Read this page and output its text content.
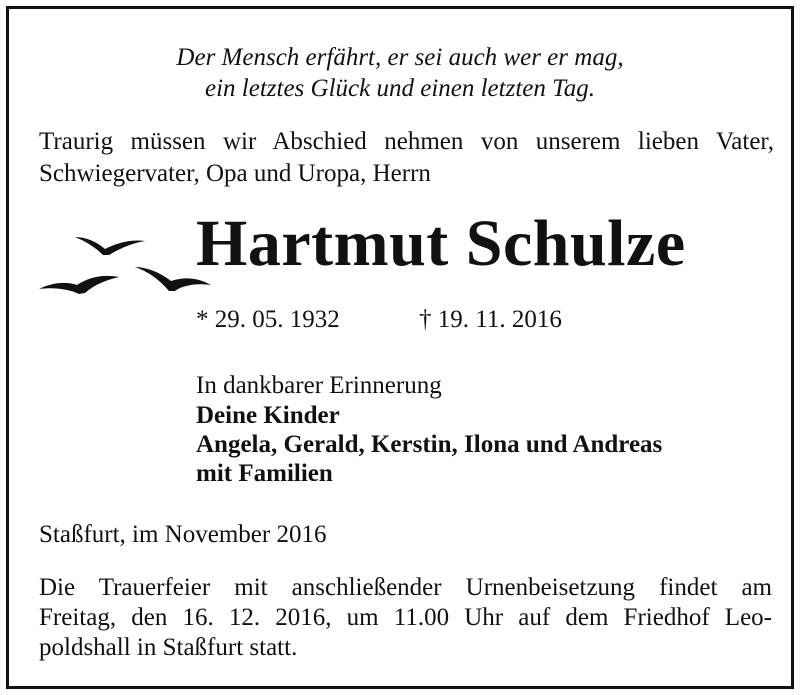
Der Mensch erfährt, er sei auch wer er mag,
ein letztes Glück und einen letzten Tag.
Traurig müssen wir Abschied nehmen von unserem lieben Vater,
Schwiegervater, Opa und Uropa, Herrn
Hartmut Schulze
* 29. 05. 1932	† 19. 11. 2016
In dankbarer Erinnerung
Deine Kinder
Angela, Gerald, Kerstin, Ilona und Andreas
mit Familien
Staßfurt, im November 2016
Die Trauerfeier mit anschließender Urnenbeisetzung findet am
Freitag, den 16. 12. 2016, um 11.00 Uhr auf dem Friedhof Leo-
poldshall in Staßfurt statt.
